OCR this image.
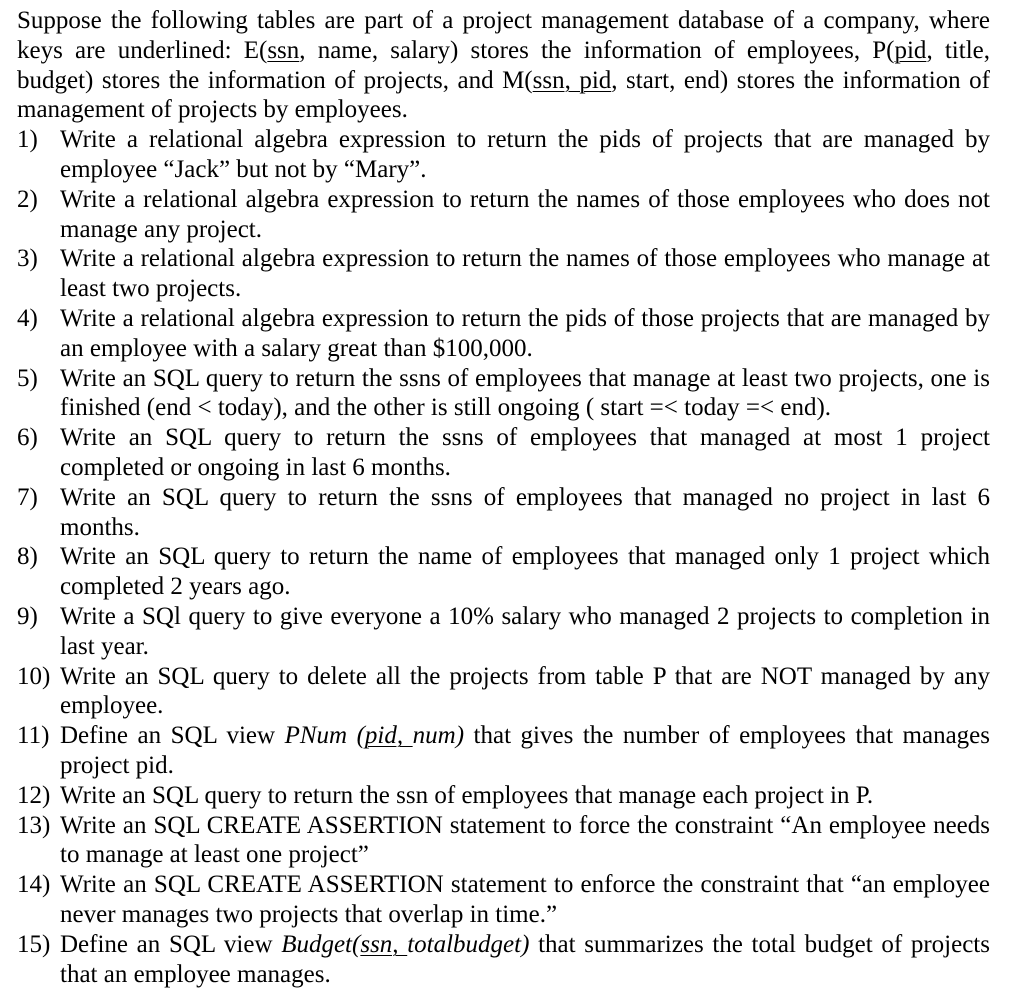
Suppose the following tables are part of a project management database of a company, where keys are underlined: E(ssn, name, salary) stores the information of employees, P(pid, title, budget) stores the information of projects, and M(ssn, pid, start, end) stores the information of management of projects by employees.

1) Write a relational algebra expression to return the pids of projects that are managed by employee “Jack” but not by “Mary”.
2) Write a relational algebra expression to return the names of those employees who does not manage any project.
3) Write a relational algebra expression to return the names of those employees who manage at least two projects.
4) Write a relational algebra expression to return the pids of those projects that are managed by an employee with a salary great than $100,000.
5) Write an SQL query to return the ssns of employees that manage at least two projects, one is finished (end < today), and the other is still ongoing ( start =< today =< end).
6) Write an SQL query to return the ssns of employees that managed at most 1 project completed or ongoing in last 6 months.
7) Write an SQL query to return the ssns of employees that managed no project in last 6 months.
8) Write an SQL query to return the name of employees that managed only 1 project which completed 2 years ago.
9) Write a SQl query to give everyone a 10% salary who managed 2 projects to completion in last year.
10) Write an SQL query to delete all the projects from table P that are NOT managed by any employee.
11) Define an SQL view PNum (pid, num) that gives the number of employees that manages project pid.
12) Write an SQL query to return the ssn of employees that manage each project in P.
13) Write an SQL CREATE ASSERTION statement to force the constraint “An employee needs to manage at least one project”
14) Write an SQL CREATE ASSERTION statement to enforce the constraint that “an employee never manages two projects that overlap in time.”
15) Define an SQL view Budget(ssn, totalbudget) that summarizes the total budget of projects that an employee manages.
